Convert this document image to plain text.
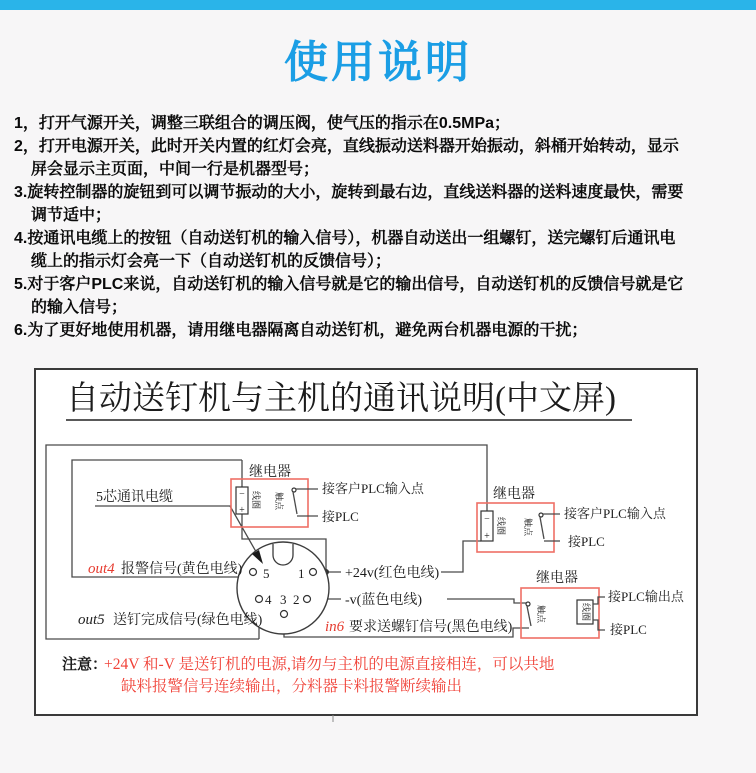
使用说明
1，打开气源开关，调整三联组合的调压阀，使气压的指示在0.5MPa；
2，打开电源开关，此时开关内置的红灯会亮，直线振动送料器开始振动，斜桶开始转动，显示
屏会显示主页面，中间一行是机器型号；
3.旋转控制器的旋钮到可以调节振动的大小，旋转到最右边，直线送料器的送料速度最快，需要
调节适中；
4.按通讯电缆上的按钮（自动送钉机的输入信号），机器自动送出一组螺钉，送完螺钉后通讯电
缆上的指示灯会亮一下（自动送钉机的反馈信号）；
5.对于客户PLC来说，自动送钉机的输入信号就是它的输出信号，自动送钉机的反馈信号就是它
的输入信号；
6.为了更好地使用机器，请用继电器隔离自动送钉机，避免两台机器电源的干扰；
自动送钉机与主机的通讯说明(中文屏)
继电器
−
+
线圈 触点
接客户PLC输入点
接PLC
继电器
−
+
线圈 触点
接客户PLC输入点
接PLC
继电器
触点	线圈
接PLC输出点
接PLC
5 1
4 3 2
5芯通讯电缆
out4 报警信号(黄色电线)
out5 送钉完成信号(绿色电线)	in6 要求送螺钉信号(黑色电线)
+24v(红色电线)
-v(蓝色电线)
注意：
+24V 和-V 是送钉机的电源,请勿与主机的电源直接相连，可以共地
缺料报警信号连续输出，分料器卡料报警断续输出
